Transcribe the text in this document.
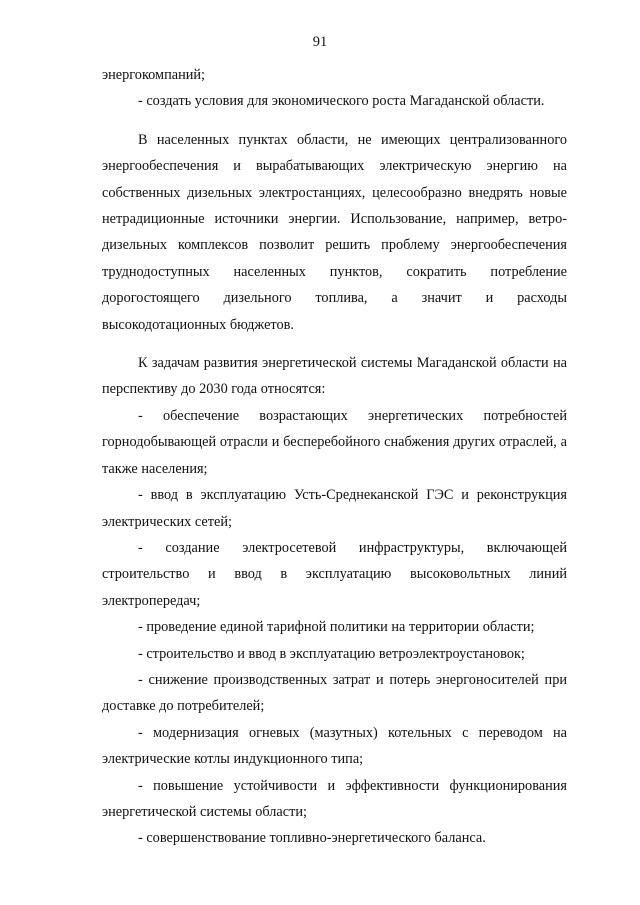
91

энергокомпаний;

- создать условия для экономического роста Магаданской области.

В населенных пунктах области, не имеющих централизованного энергообеспечения и вырабатывающих электрическую энергию на собственных дизельных электростанциях, целесообразно внедрять новые нетрадиционные источники энергии. Использование, например, ветро-дизельных комплексов позволит решить проблему энергообеспечения труднодоступных населенных пунктов, сократить потребление дорогостоящего дизельного топлива, а значит и расходы высокодотационных бюджетов.

К задачам развития энергетической системы Магаданской области на перспективу до 2030 года относятся:

- обеспечение возрастающих энергетических потребностей горнодобывающей отрасли и бесперебойного снабжения других отраслей, а также населения;

- ввод в эксплуатацию Усть-Среднеканской ГЭС и реконструкция электрических сетей;

- создание электросетевой инфраструктуры, включающей строительство и ввод в эксплуатацию высоковольтных линий электропередач;

- проведение единой тарифной политики на территории области;

- строительство и ввод в эксплуатацию ветроэлектроустановок;

- снижение производственных затрат и потерь энергоносителей при доставке до потребителей;

- модернизация огневых (мазутных) котельных с переводом на электрические котлы индукционного типа;

- повышение устойчивости и эффективности функционирования энергетической системы области;

- совершенствование топливно-энергетического баланса.
